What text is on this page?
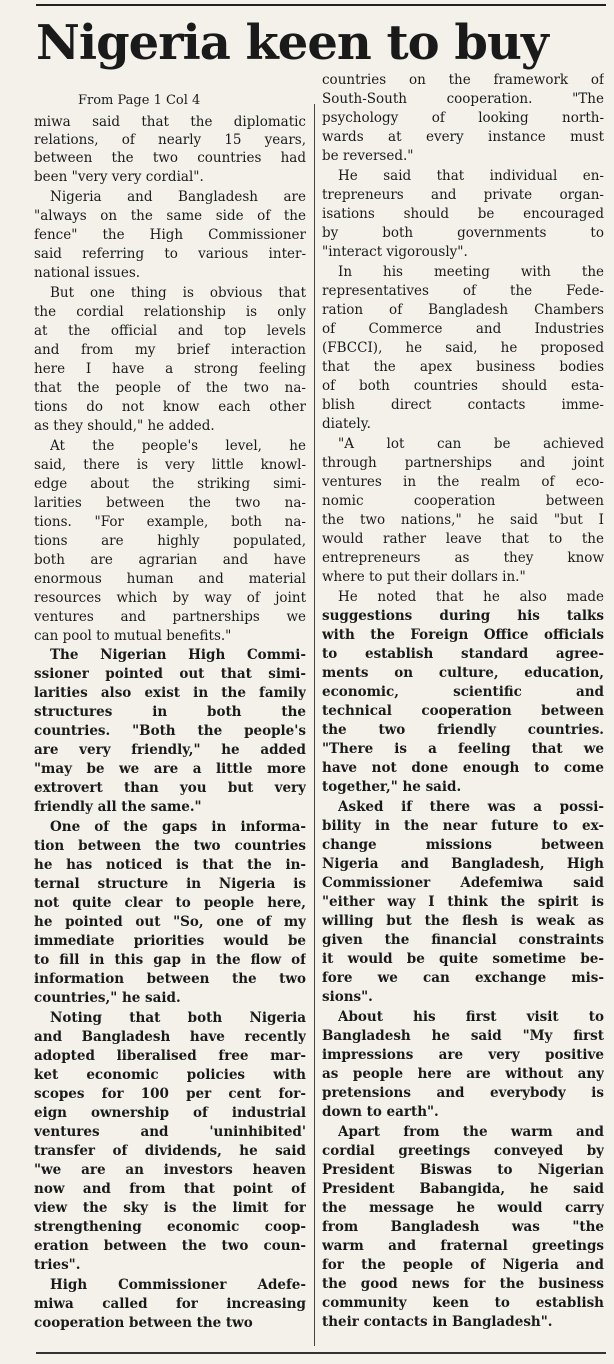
Nigeria keen to buy
From Page 1 Col 4
miwa said that the diplomatic
relations, of nearly 15 years,
between the two countries had
been "very very cordial".
Nigeria and Bangladesh are
"always on the same side of the
fence" the High Commissioner
said referring to various inter-
national issues.
But one thing is obvious that
the cordial relationship is only
at the official and top levels
and from my brief interaction
here I have a strong feeling
that the people of the two na-
tions do not know each other
as they should," he added.
At the people's level, he
said, there is very little knowl-
edge about the striking simi-
larities between the two na-
tions. "For example, both na-
tions are highly populated,
both are agrarian and have
enormous human and material
resources which by way of joint
ventures and partnerships we
can pool to mutual benefits."
The Nigerian High Commi-
ssioner pointed out that simi-
larities also exist in the family
structures in both the
countries. "Both the people's
are very friendly," he added
"may be we are a little more
extrovert than you but very
friendly all the same."
One of the gaps in informa-
tion between the two countries
he has noticed is that the in-
ternal structure in Nigeria is
not quite clear to people here,
he pointed out "So, one of my
immediate priorities would be
to fill in this gap in the flow of
information between the two
countries," he said.
Noting that both Nigeria
and Bangladesh have recently
adopted liberalised free mar-
ket economic policies with
scopes for 100 per cent for-
eign ownership of industrial
ventures and 'uninhibited'
transfer of dividends, he said
"we are an investors heaven
now and from that point of
view the sky is the limit for
strengthening economic coop-
eration between the two coun-
tries".
High Commissioner Adefe-
miwa called for increasing
cooperation between the two
countries on the framework of
South-South cooperation. "The
psychology of looking north-
wards at every instance must
be reversed."
He said that individual en-
trepreneurs and private organ-
isations should be encouraged
by both governments to
"interact vigorously".
In his meeting with the
representatives of the Fede-
ration of Bangladesh Chambers
of Commerce and Industries
(FBCCI), he said, he proposed
that the apex business bodies
of both countries should esta-
blish direct contacts imme-
diately.
"A lot can be achieved
through partnerships and joint
ventures in the realm of eco-
nomic cooperation between
the two nations," he said "but I
would rather leave that to the
entrepreneurs as they know
where to put their dollars in."
He noted that he also made
suggestions during his talks
with the Foreign Office officials
to establish standard agree-
ments on culture, education,
economic, scientific and
technical cooperation between
the two friendly countries.
"There is a feeling that we
have not done enough to come
together," he said.
Asked if there was a possi-
bility in the near future to ex-
change missions between
Nigeria and Bangladesh, High
Commissioner Adefemiwa said
"either way I think the spirit is
willing but the flesh is weak as
given the financial constraints
it would be quite sometime be-
fore we can exchange mis-
sions".
About his first visit to
Bangladesh he said "My first
impressions are very positive
as people here are without any
pretensions and everybody is
down to earth".
Apart from the warm and
cordial greetings conveyed by
President Biswas to Nigerian
President Babangida, he said
the message he would carry
from Bangladesh was "the
warm and fraternal greetings
for the people of Nigeria and
the good news for the business
community keen to establish
their contacts in Bangladesh".
